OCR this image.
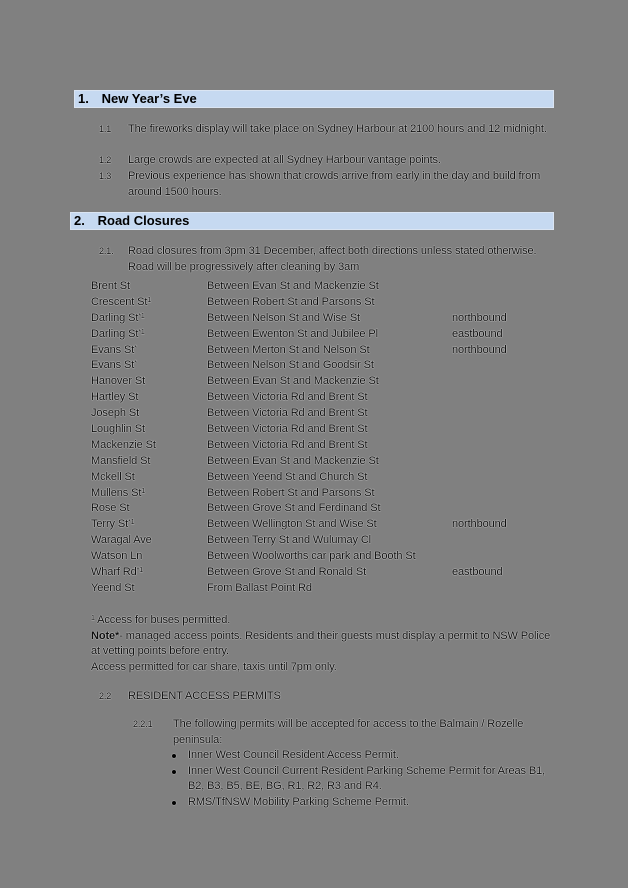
1. New Year’s Eve
1.1	The fireworks display will take place on Sydney Harbour at 2100 hours and 12 midnight.
1.2	Large crowds are expected at all Sydney Harbour vantage points.
1.3	Previous experience has shown that crowds arrive from early in the day and build from around 1500 hours.
2. Road Closures
2.1.	Road closures from 3pm 31 December, affect both directions unless stated otherwise. Road will be progressively after cleaning by 3am
Brent St	Between Evan St and Mackenzie St
Crescent St$^1$	Between Robert St and Parsons St
Darling St$^{*1}$	Between Nelson St and Wise St	northbound
Darling St$^{*1}$	Between Ewenton St and Jubilee Pl	eastbound
Evans St*	Between Merton St and Nelson St	northbound
Evans St*	Between Nelson St and Goodsir St
Hanover St	Between Evan St and Mackenzie St
Hartley St	Between Victoria Rd and Brent St
Joseph St	Between Victoria Rd and Brent St
Loughlin St	Between Victoria Rd and Brent St
Mackenzie St	Between Victoria Rd and Brent St
Mansfield St	Between Evan St and Mackenzie St
Mckell St	Between Yeend St and Church St
Mullens St$^1$	Between Robert St and Parsons St
Rose St	Between Grove St and Ferdinand St
Terry St$^{*1}$	Between Wellington St and Wise St	northbound
Waragal Ave	Between Terry St and Wulumay Cl
Watson Ln	Between Woolworths car park and Booth St
Wharf Rd$^{*1}$	Between Grove St and Ronald St	eastbound
Yeend St	From Ballast Point Rd
$^1$ Access for buses permitted.
Note*- managed access points. Residents and their guests must display a permit to NSW Police at vetting points before entry.
Access permitted for car share, taxis until 7pm only.
2.2	RESIDENT ACCESS PERMITS
2.2.1 The following permits will be accepted for access to the Balmain / Rozelle peninsula:
Inner West Council Resident Access Permit.
Inner West Council Current Resident Parking Scheme Permit for Areas B1, B2, B3, B5, BE, BG, R1, R2, R3 and R4.
RMS/TfNSW Mobility Parking Scheme Permit.
